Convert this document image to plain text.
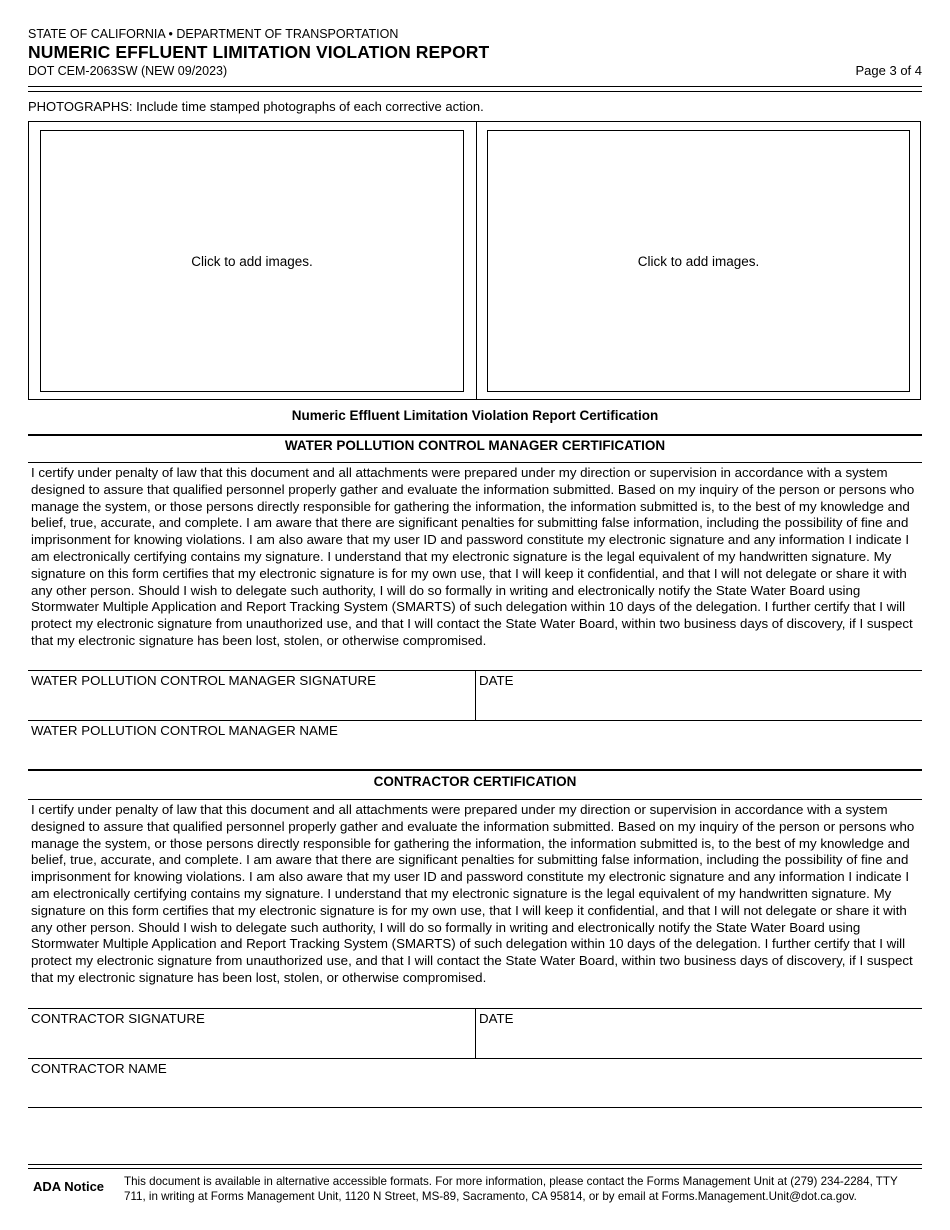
STATE OF CALIFORNIA • DEPARTMENT OF TRANSPORTATION
NUMERIC EFFLUENT LIMITATION VIOLATION REPORT
DOT CEM-2063SW (NEW 09/2023)	Page 3 of 4
PHOTOGRAPHS: Include time stamped photographs of each corrective action.
Click to add images.	Click to add images.
Numeric Effluent Limitation Violation Report Certification
WATER POLLUTION CONTROL MANAGER CERTIFICATION
I certify under penalty of law that this document and all attachments were prepared under my direction or supervision in accordance with a system designed to assure that qualified personnel properly gather and evaluate the information submitted. Based on my inquiry of the person or persons who manage the system, or those persons directly responsible for gathering the information, the information submitted is, to the best of my knowledge and belief, true, accurate, and complete. I am aware that there are significant penalties for submitting false information, including the possibility of fine and imprisonment for knowing violations. I am also aware that my user ID and password constitute my electronic signature and any information I indicate I am electronically certifying contains my signature. I understand that my electronic signature is the legal equivalent of my handwritten signature. My signature on this form certifies that my electronic signature is for my own use, that I will keep it confidential, and that I will not delegate or share it with any other person. Should I wish to delegate such authority, I will do so formally in writing and electronically notify the State Water Board using Stormwater Multiple Application and Report Tracking System (SMARTS) of such delegation within 10 days of the delegation. I further certify that I will protect my electronic signature from unauthorized use, and that I will contact the State Water Board, within two business days of discovery, if I suspect that my electronic signature has been lost, stolen, or otherwise compromised.
WATER POLLUTION CONTROL MANAGER SIGNATURE	DATE
WATER POLLUTION CONTROL MANAGER NAME
CONTRACTOR CERTIFICATION
I certify under penalty of law that this document and all attachments were prepared under my direction or supervision in accordance with a system designed to assure that qualified personnel properly gather and evaluate the information submitted. Based on my inquiry of the person or persons who manage the system, or those persons directly responsible for gathering the information, the information submitted is, to the best of my knowledge and belief, true, accurate, and complete. I am aware that there are significant penalties for submitting false information, including the possibility of fine and imprisonment for knowing violations. I am also aware that my user ID and password constitute my electronic signature and any information I indicate I am electronically certifying contains my signature. I understand that my electronic signature is the legal equivalent of my handwritten signature. My signature on this form certifies that my electronic signature is for my own use, that I will keep it confidential, and that I will not delegate or share it with any other person. Should I wish to delegate such authority, I will do so formally in writing and electronically notify the State Water Board using Stormwater Multiple Application and Report Tracking System (SMARTS) of such delegation within 10 days of the delegation. I further certify that I will protect my electronic signature from unauthorized use, and that I will contact the State Water Board, within two business days of discovery, if I suspect that my electronic signature has been lost, stolen, or otherwise compromised.
CONTRACTOR SIGNATURE	DATE
CONTRACTOR NAME
ADA Notice This document is available in alternative accessible formats. For more information, please contact the Forms Management Unit at (279) 234-2284, TTY 711, in writing at Forms Management Unit, 1120 N Street, MS-89, Sacramento, CA 95814, or by email at Forms.Management.Unit@dot.ca.gov.
